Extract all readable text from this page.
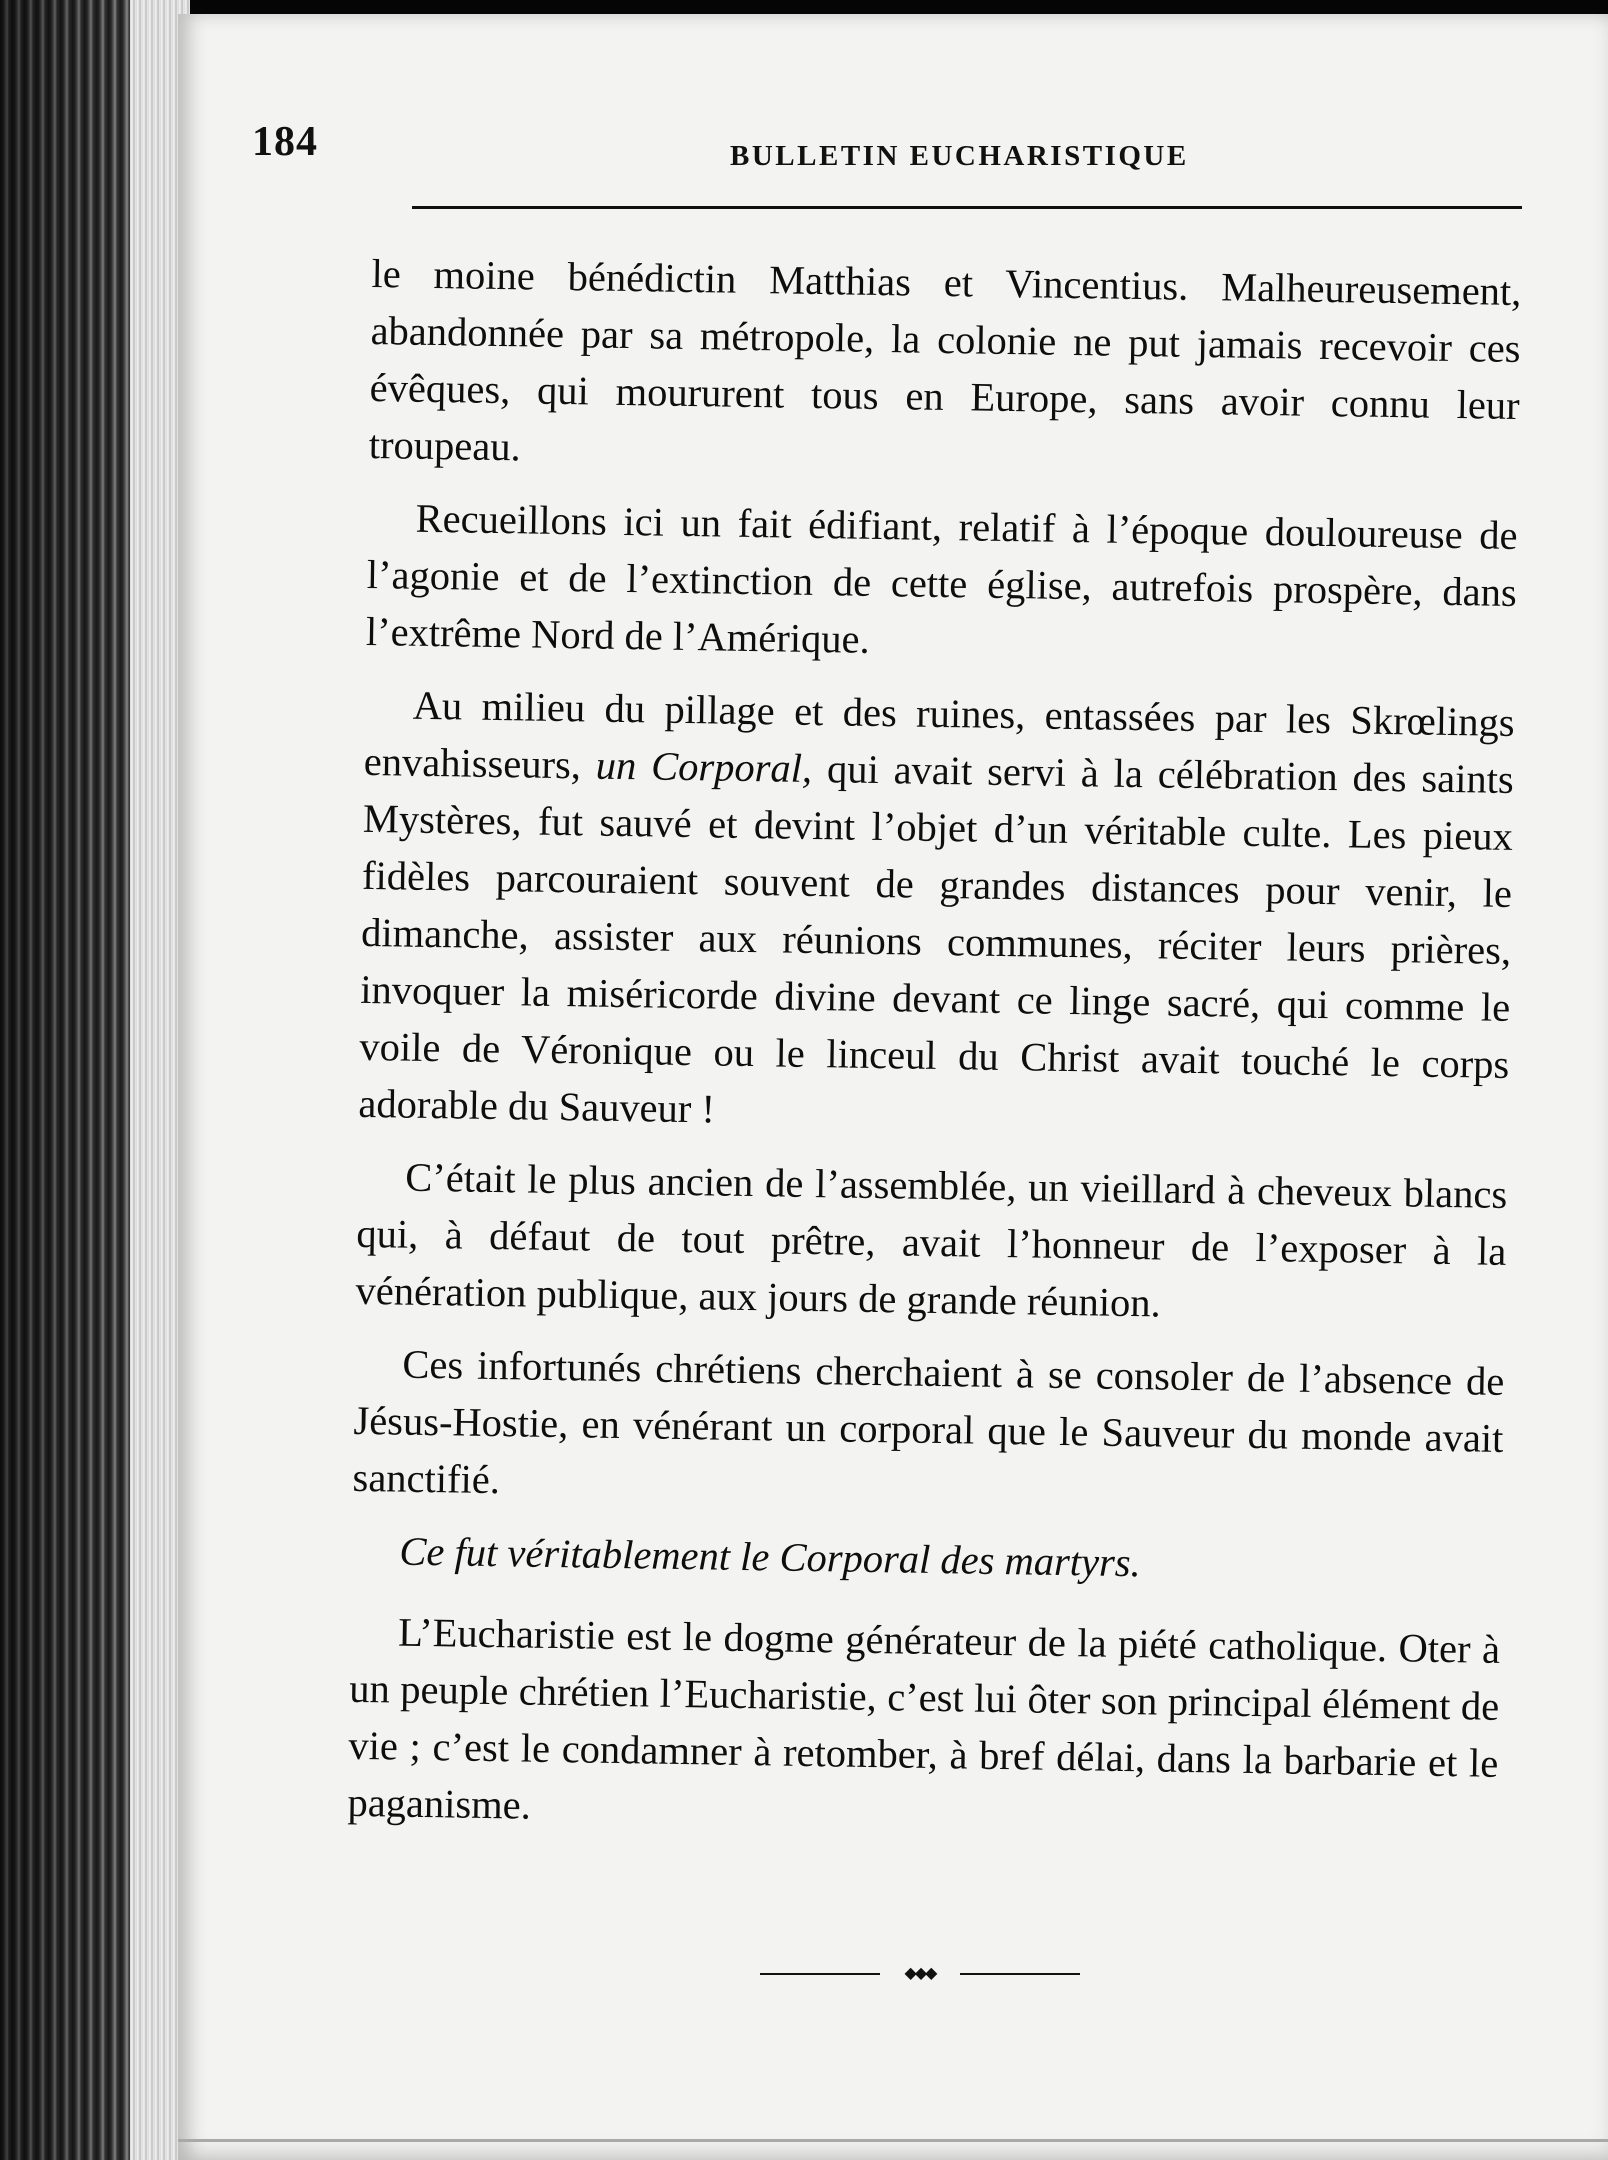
184	BULLETIN EUCHARISTIQUE

le moine bénédictin Matthias et Vincentius. Malheureusement, abandonnée par sa métropole, la colonie ne put jamais recevoir ces évêques, qui moururent tous en Europe, sans avoir connu leur troupeau.

Recueillons ici un fait édifiant, relatif à l’époque douloureuse de l’agonie et de l’extinction de cette église, autrefois prospère, dans l’extrême Nord de l’Amérique.

Au milieu du pillage et des ruines, entassées par les Skrœlings envahisseurs, un Corporal, qui avait servi à la célébration des saints Mystères, fut sauvé et devint l’objet d’un véritable culte. Les pieux fidèles parcouraient souvent de grandes distances pour venir, le dimanche, assister aux réunions communes, réciter leurs prières, invoquer la miséricorde divine devant ce linge sacré, qui comme le voile de Véronique ou le linceul du Christ avait touché le corps adorable du Sauveur !

C’était le plus ancien de l’assemblée, un vieillard à cheveux blancs qui, à défaut de tout prêtre, avait l’honneur de l’exposer à la vénération publique, aux jours de grande réunion.

Ces infortunés chrétiens cherchaient à se consoler de l’absence de Jésus-Hostie, en vénérant un corporal que le Sauveur du monde avait sanctifié.

Ce fut véritablement le Corporal des martyrs.

L’Eucharistie est le dogme générateur de la piété catholique. Oter à un peuple chrétien l’Eucharistie, c’est lui ôter son principal élément de vie ; c’est le condamner à retomber, à bref délai, dans la barbarie et le paganisme.

◆◆◆
